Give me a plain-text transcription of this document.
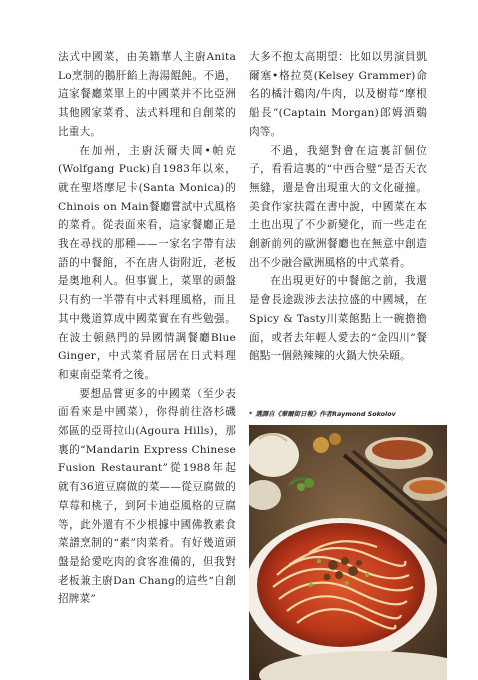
法式中國菜，由美籍華人主廚Anita Lo烹制的鵝肝餡上海湯餛飩。不過，這家餐廳菜單上的中國菜并不比亞洲其他國家菜肴、法式料理和自創菜的比重大。

在加州，主廚沃爾夫岡•帕克(Wolfgang Puck)自1983年以來，就在聖塔摩尼卡(Santa Monica)的Chinois on Main餐廳嘗試中式風格的菜肴。從表面來看，這家餐廳正是我在尋找的那種——一家名字帶有法語的中餐館，不在唐人街附近，老板是奥地利人。但事實上，菜單的頭盤只有約一半帶有中式料理風格，而且其中幾道算成中國菜實在有些勉强。在波士頓熱門的异國情調餐廳Blue Ginger，中式菜肴屈居在日式料理和東南亞菜肴之後。

要想品嘗更多的中國菜（至少表面看來是中國菜），你得前往洛杉磯郊區的亞哥拉山(Agoura Hills)，那裏的“Mandarin Express Chinese Fusion Restaurant”從1988年起就有36道豆腐做的菜——從豆腐做的草莓和桃子，到阿卡迪亞風格的豆腐等，此外還有不少根據中國佛教素食菜譜烹制的“素”肉菜肴。有好幾道頭盤是給愛吃肉的食客准備的，但我對老板兼主廚Dan Chang的這些“自創招牌菜”

大多不抱太高期望：比如以男演員凱爾塞•格拉莫(Kelsey Grammer)命名的橘汁鷄肉/牛肉，以及樹莓“摩根船長”(Captain Morgan)郎姆酒鷄肉等。

不過，我絕對會在這裏訂個位子，看看這裏的“中西合璧”是否天衣無縫，還是會出現重大的文化碰撞。美食作家扶霞在書中說，中國菜在本土也出現了不少新變化，而一些走在創新前列的歐洲餐廳也在無意中創造出不少融合歐洲風格的中式菜肴。

在出現更好的中餐館之前，我還是會長途跋涉去法拉盛的中國城，在Spicy & Tasty川菜館點上一碗擔擔面，或者去年輕人愛去的“金四川”餐館點一個熱辣辣的火鍋大快朵頤。

* 選譯自《華爾街日報》作者Raymond Sokolov
